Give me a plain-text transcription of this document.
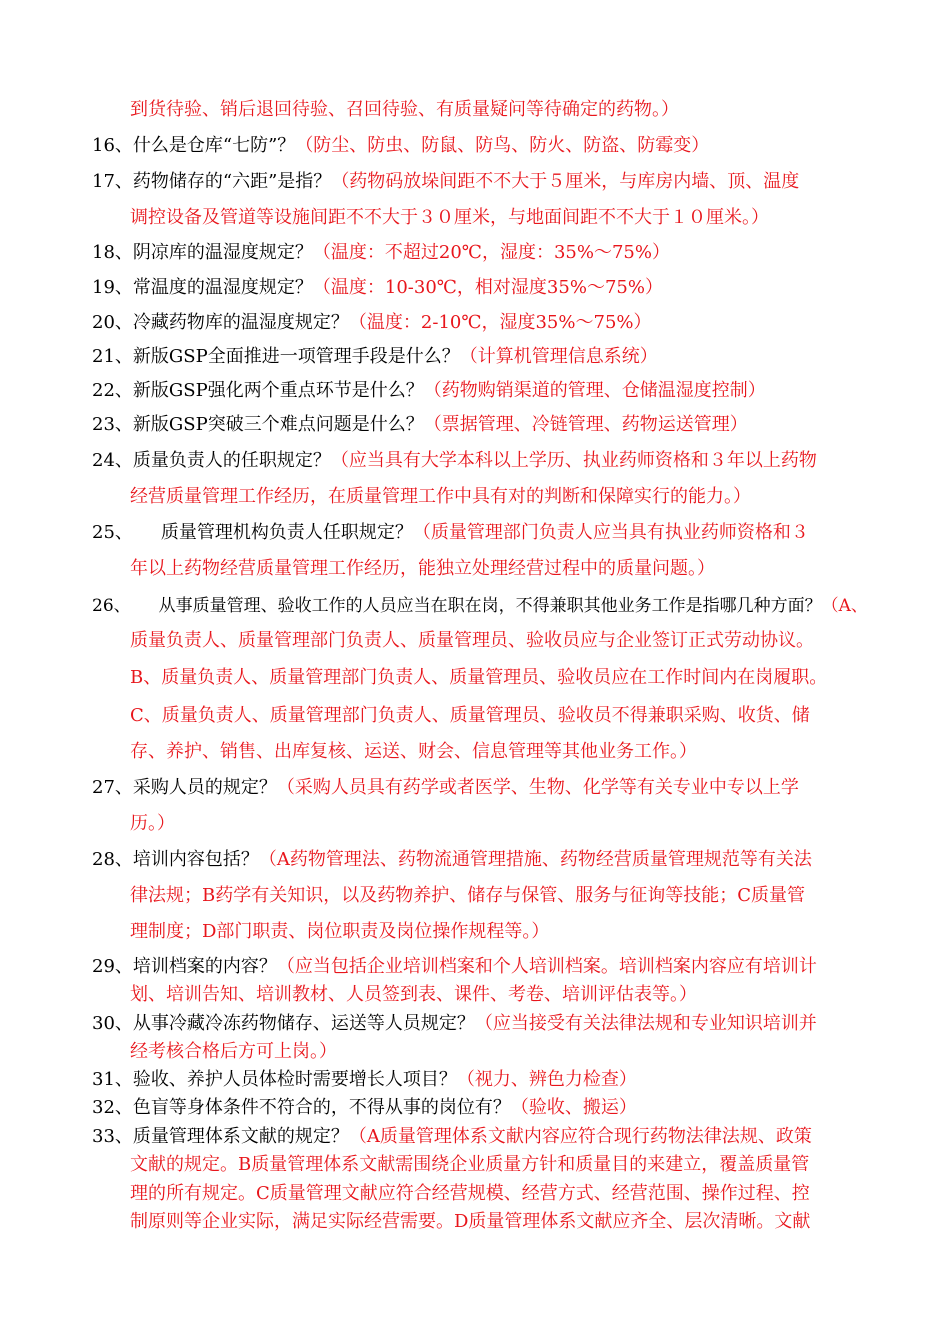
到货待验、销后退回待验、召回待验、有质量疑问等待确定的药物。）
16、什么是仓库“七防”？（防尘、防虫、防鼠、防鸟、防火、防盗、防霉变）
17、药物储存的“六距”是指？（药物码放垛间距不不大于５厘米，与库房内墙、顶、温度
调控设备及管道等设施间距不不大于３０厘米，与地面间距不不大于１０厘米。）
18、阴凉库的温湿度规定？（温度：不超过20℃，湿度：35%～75%）
19、常温度的温湿度规定？（温度：10-30℃，相对湿度35%～75%）
20、冷藏药物库的温湿度规定？（温度：2-10℃，湿度35%～75%）
21、新版GSP全面推进一项管理手段是什么？（计算机管理信息系统）
22、新版GSP强化两个重点环节是什么？（药物购销渠道的管理、仓储温湿度控制）
23、新版GSP突破三个难点问题是什么？（票据管理、冷链管理、药物运送管理）
24、质量负责人的任职规定？（应当具有大学本科以上学历、执业药师资格和３年以上药物
经营质量管理工作经历，在质量管理工作中具有对的判断和保障实行的能力。）
25、 质量管理机构负责人任职规定？（质量管理部门负责人应当具有执业药师资格和３
年以上药物经营质量管理工作经历，能独立处理经营过程中的质量问题。）
26、 从事质量管理、验收工作的人员应当在职在岗，不得兼职其他业务工作是指哪几种方面？（A、
质量负责人、质量管理部门负责人、质量管理员、验收员应与企业签订正式劳动协议。
B、质量负责人、质量管理部门负责人、质量管理员、验收员应在工作时间内在岗履职。
C、质量负责人、质量管理部门负责人、质量管理员、验收员不得兼职采购、收货、储
存、养护、销售、出库复核、运送、财会、信息管理等其他业务工作。）
27、采购人员的规定？（采购人员具有药学或者医学、生物、化学等有关专业中专以上学
历。）
28、培训内容包括？（A药物管理法、药物流通管理措施、药物经营质量管理规范等有关法
律法规；B药学有关知识，以及药物养护、储存与保管、服务与征询等技能；C质量管
理制度；D部门职责、岗位职责及岗位操作规程等。）
29、培训档案的内容？（应当包括企业培训档案和个人培训档案。培训档案内容应有培训计
划、培训告知、培训教材、人员签到表、课件、考卷、培训评估表等。）
30、从事冷藏冷冻药物储存、运送等人员规定？（应当接受有关法律法规和专业知识培训并
经考核合格后方可上岗。）
31、验收、养护人员体检时需要增长人项目？（视力、辨色力检查）
32、色盲等身体条件不符合的，不得从事的岗位有？（验收、搬运）
33、质量管理体系文献的规定？（A质量管理体系文献内容应符合现行药物法律法规、政策
文献的规定。B质量管理体系文献需围绕企业质量方针和质量目的来建立，覆盖质量管
理的所有规定。C质量管理文献应符合经营规模、经营方式、经营范围、操作过程、控
制原则等企业实际，满足实际经营需要。D质量管理体系文献应齐全、层次清晰。文献
